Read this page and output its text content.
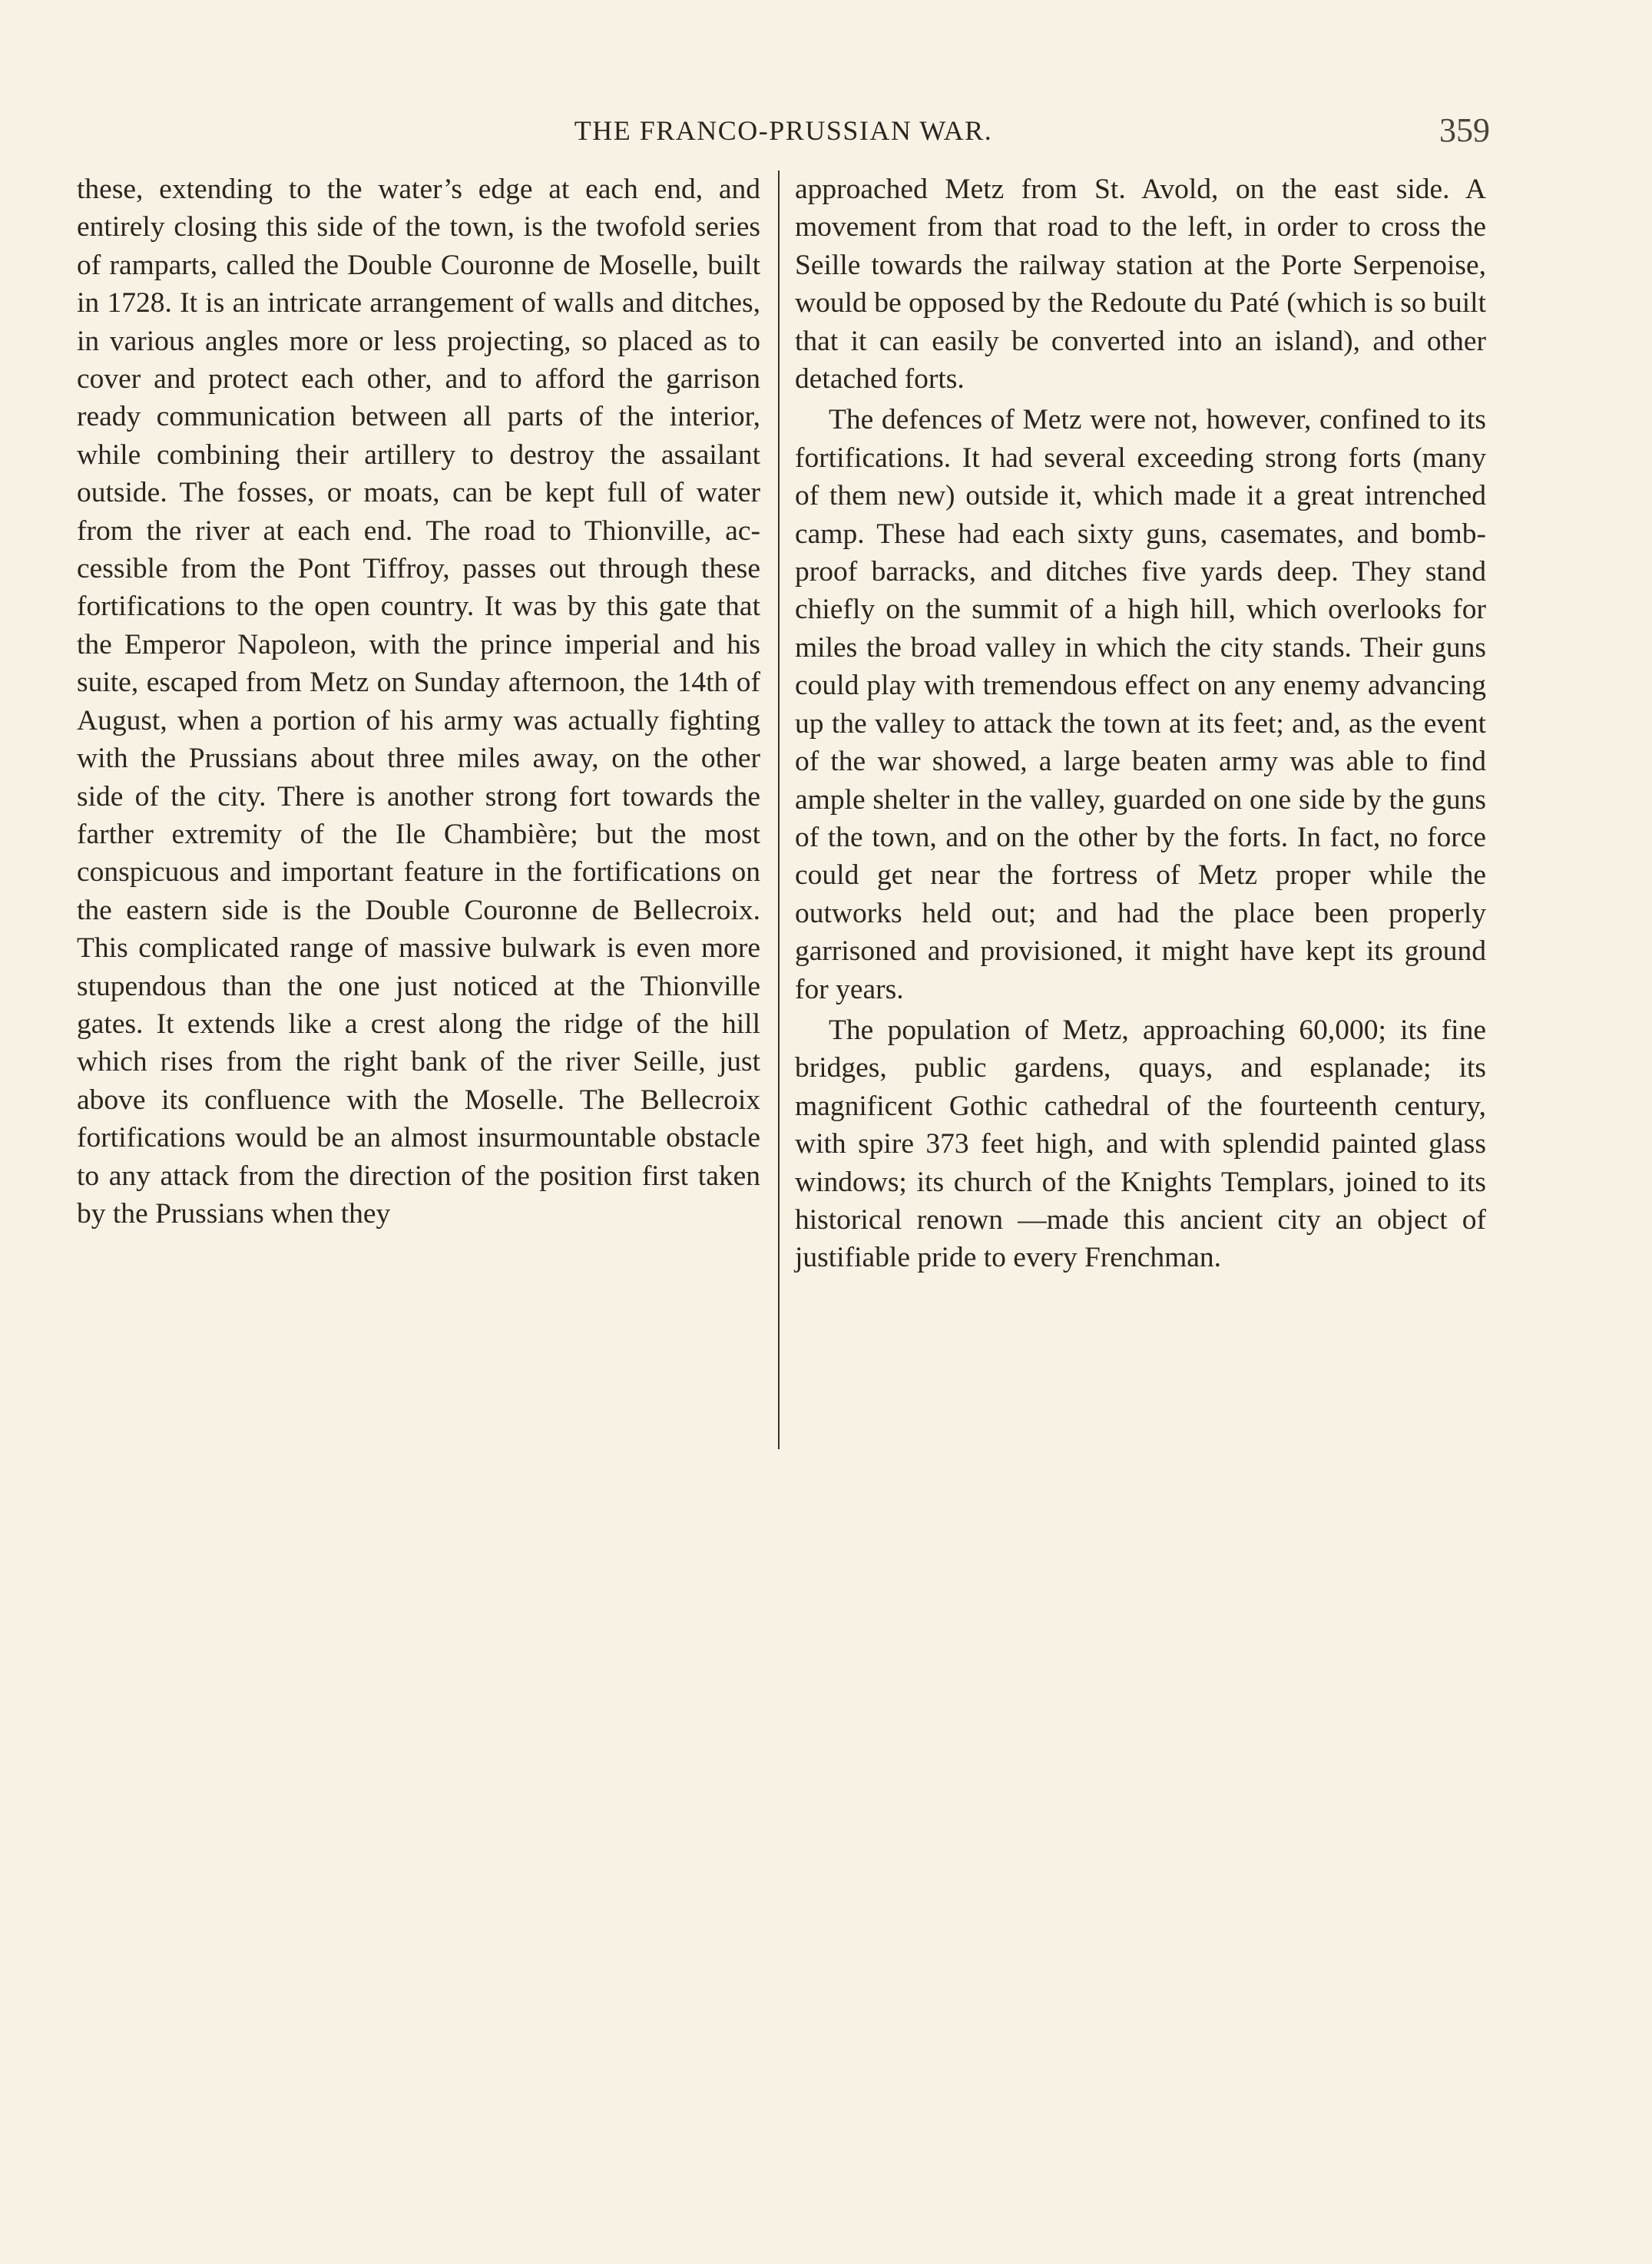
THE FRANCO-PRUSSIAN WAR.	359

these, extending to the water’s edge at each end, and entirely closing this side of the town, is the twofold series of ramparts, called the Double Couronne de Moselle, built in 1728. It is an intricate arrangement of walls and ditches, in various angles more or less projecting, so placed as to cover and protect each other, and to afford the garrison ready communication between all parts of the interior, while combining their artillery to destroy the assailant outside. The fosses, or moats, can be kept full of water from the river at each end. The road to Thionville, accessible from the Pont Tiffroy, passes out through these fortifications to the open country. It was by this gate that the Emperor Napoleon, with the prince imperial and his suite, escaped from Metz on Sunday afternoon, the 14th of August, when a portion of his army was actually fighting with the Prussians about three miles away, on the other side of the city. There is another strong fort towards the farther extremity of the Ile Chambière; but the most conspicuous and important feature in the fortifications on the eastern side is the Double Couronne de Bellecroix. This complicated range of massive bulwark is even more stupendous than the one just noticed at the Thionville gates. It extends like a crest along the ridge of the hill which rises from the right bank of the river Seille, just above its confluence with the Moselle. The Bellecroix fortifications would be an almost insurmountable obstacle to any attack from the direction of the position first taken by the Prussians when they

approached Metz from St. Avold, on the east side. A movement from that road to the left, in order to cross the Seille towards the railway station at the Porte Serpenoise, would be opposed by the Redoute du Paté (which is so built that it can easily be converted into an island), and other detached forts.

The defences of Metz were not, however, confined to its fortifications. It had several exceeding strong forts (many of them new) outside it, which made it a great intrenched camp. These had each sixty guns, casemates, and bomb-proof barracks, and ditches five yards deep. They stand chiefly on the summit of a high hill, which overlooks for miles the broad valley in which the city stands. Their guns could play with tremendous effect on any enemy advancing up the valley to attack the town at its feet; and, as the event of the war showed, a large beaten army was able to find ample shelter in the valley, guarded on one side by the guns of the town, and on the other by the forts. In fact, no force could get near the fortress of Metz proper while the outworks held out; and had the place been properly garrisoned and provisioned, it might have kept its ground for years.

The population of Metz, approaching 60,000; its fine bridges, public gardens, quays, and esplanade; its magnificent Gothic cathedral of the fourteenth century, with spire 373 feet high, and with splendid painted glass windows; its church of the Knights Templars, joined to its historical renown —made this ancient city an object of justifiable pride to every Frenchman.
